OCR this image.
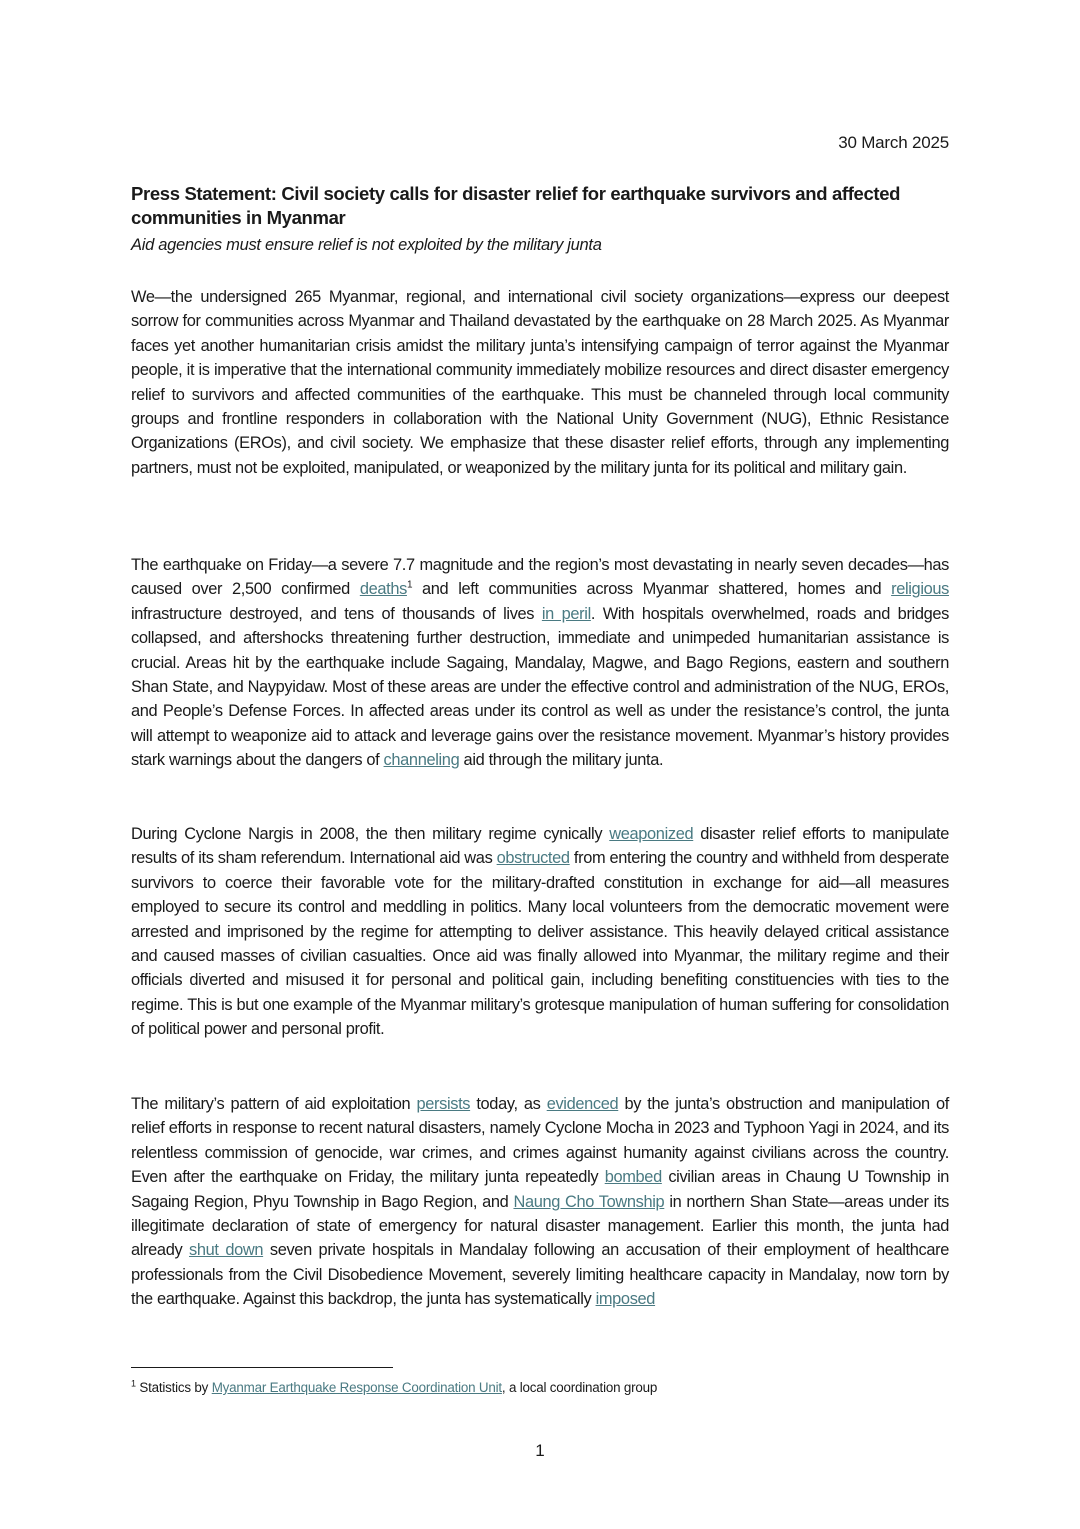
30 March 2025
Press Statement: Civil society calls for disaster relief for earthquake survivors and affected communities in Myanmar
Aid agencies must ensure relief is not exploited by the military junta

We—the undersigned 265 Myanmar, regional, and international civil society organizations—express our deepest sorrow for communities across Myanmar and Thailand devastated by the earthquake on 28 March 2025. As Myanmar faces yet another humanitarian crisis amidst the military junta’s intensifying campaign of terror against the Myanmar people, it is imperative that the international community immediately mobilize resources and direct disaster emergency relief to survivors and affected communities of the earthquake. This must be channeled through local community groups and frontline responders in collaboration with the National Unity Government (NUG), Ethnic Resistance Organizations (EROs), and civil society. We emphasize that these disaster relief efforts, through any implementing partners, must not be exploited, manipulated, or weaponized by the military junta for its political and military gain.

The earthquake on Friday—a severe 7.7 magnitude and the region’s most devastating in nearly seven decades—has caused over 2,500 confirmed deaths$^1$ and left communities across Myanmar shattered, homes and religious infrastructure destroyed, and tens of thousands of lives in peril. With hospitals overwhelmed, roads and bridges collapsed, and aftershocks threatening further destruction, immediate and unimpeded humanitarian assistance is crucial. Areas hit by the earthquake include Sagaing, Mandalay, Magwe, and Bago Regions, eastern and southern Shan State, and Naypyidaw. Most of these areas are under the effective control and administration of the NUG, EROs, and People’s Defense Forces. In affected areas under its control as well as under the resistance’s control, the junta will attempt to weaponize aid to attack and leverage gains over the resistance movement. Myanmar’s history provides stark warnings about the dangers of channeling aid through the military junta.

During Cyclone Nargis in 2008, the then military regime cynically weaponized disaster relief efforts to manipulate results of its sham referendum. International aid was obstructed from entering the country and withheld from desperate survivors to coerce their favorable vote for the military-drafted constitution in exchange for aid—all measures employed to secure its control and meddling in politics. Many local volunteers from the democratic movement were arrested and imprisoned by the regime for attempting to deliver assistance. This heavily delayed critical assistance and caused masses of civilian casualties. Once aid was finally allowed into Myanmar, the military regime and their officials diverted and misused it for personal and political gain, including benefiting constituencies with ties to the regime. This is but one example of the Myanmar military’s grotesque manipulation of human suffering for consolidation of political power and personal profit.

The military’s pattern of aid exploitation persists today, as evidenced by the junta’s obstruction and manipulation of relief efforts in response to recent natural disasters, namely Cyclone Mocha in 2023 and Typhoon Yagi in 2024, and its relentless commission of genocide, war crimes, and crimes against humanity against civilians across the country. Even after the earthquake on Friday, the military junta repeatedly bombed civilian areas in Chaung U Township in Sagaing Region, Phyu Township in Bago Region, and Naung Cho Township in northern Shan State—areas under its illegitimate declaration of state of emergency for natural disaster management. Earlier this month, the junta had already shut down seven private hospitals in Mandalay following an accusation of their employment of healthcare professionals from the Civil Disobedience Movement, severely limiting healthcare capacity in Mandalay, now torn by the earthquake. Against this backdrop, the junta has systematically imposed

$^1$ Statistics by Myanmar Earthquake Response Coordination Unit, a local coordination group
1
